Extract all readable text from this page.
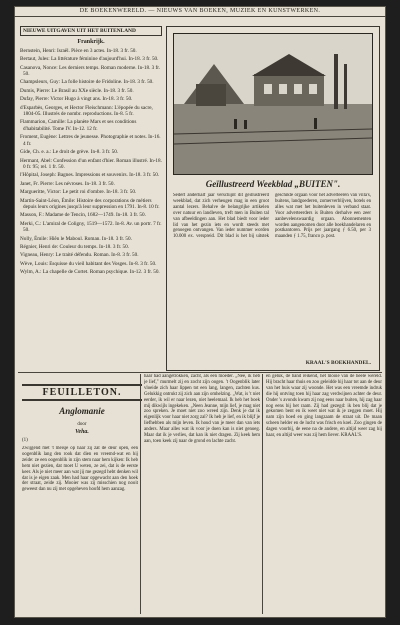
DE BOEKENWERELD. — NIEUWS VAN BOEKEN, MUZIEK EN KUNSTWERKEN.
NIEUWE UITGAVEN UIT HET BUITENLAND
Frankrijk.
Bernstein, Henri: Israël. Pièce en 3 actes. In-18. 3 fr. 50.
Bertaut, Jules: La littérature féminine d'aujourd'hui. In-18. 3 fr. 50.
Casanova, Nonce: Les derniers temps. Roman moderne. In-18. 3 fr. 50.
Champsleurs, Guy: La folle histoire de Fridoline. In-18. 3 fr. 50.
Dumis, Pierre: Le Brasil au XXe siècle. In-18. 3 fr. 50.
Dufay, Pierre: Victor Hugo à vingt ans. In-18. 3 fr. 50.
d'Esparbès, Georges, et Hector Fleischmann: L'épopée du sacre, 1804-05. Illustrés de nombr. reproductions. In-8. 5 fr.
Flammarion, Camille: La planète Mars et ses conditions d'habitabilité. Tome IV. In-12. 12 fr.
Froment, Eugène: Lettres de jeunesse. Photographie et notes. In-16. 4 fr.
Gide, Ch. e. a.: Le droit de grève. In-8. 3 fr. 50.
Hermant, Abel: Confession d'un enfant d'hier. Roman illustré. In-18. 0 fr. 95; rel. 1 fr. 50.
l'Hôpital, Joseph: Bagnes. Impressions et souvenirs. In-18. 3 fr. 50.
Janet, Fr. Pierre: Les névroses. In-18. 3 fr. 50.
Margueritte, Victor: Le petit roi d'ombre. In-18. 3 fr. 50.
Martin-Saint-Léon, Émile: Histoire des corporations de métiers depuis leurs origines jusqu'à leur suppression en 1791. In-8. 10 fr.
Masson, F.: Madame de Tencin, 1682—1749. In-18. 3 fr. 50.
Merki, C.: L'amiral de Coligny, 1519—1572. In-8. Av. un portr. 7 fr. 50.
Nolly, Émile: Hiên le Maboul. Roman. In-18. 3 fr. 50.
Régnier, Henri de: Couleur du temps. In-18. 3 fr. 50.
Vigneau, Henry: Le traité défendu. Roman. In-8. 3 fr. 50.
Wève, Louis: Esquisse du vieil habitant des Vosges. In-8. 3 fr. 50.
Wylm, A.: La chapelle de Cortet. Roman psychique. In-12. 3 fr. 50.
Geïllustreerd Weekblad „BUITEN".
Sedert anderhalf jaar verschijnt dit geïllustreerd weekblad, dat zich verheugen mag in een groot aantal lezers. Behalve de belangrijke artikelen over natuur en landleven, treft men in Buiten tal van afbeeldingen aan. Het blad biedt voor ieder lid van het gezin iets en wordt steeds met genoegen ontvangen. Van ieder nummer worden 10.000 ex. verspreid. Dit blad is het bij uitstek geschikte orgaan voor het adverteeren van villa's, buitens, landgoederen, zomerverblijven, hotels en alles wat met het buitenleven in verband staat. Voor adverteerders is Buiten derhalve een zeer aanbevelenswaardig orgaan. Abonnementen worden aangenomen door alle boekhandelaren en postkantoren. Prijs per jaargang ƒ 6.50, per 3 maanden ƒ 1.75, franco p. post.
KRAAL'S BOEKHANDEL.
FEUILLETON.
Anglomanie
door
Veha.
(1)
Zwijgend met 't meisje op haar zij zat de deur open, een oogenblik lang den rook dat dien en vreemd-wat en hij zeide: ze een oogenblik in zijn stem naar hem kijken: Ik heb hem niet gezien, dat moet U weten, ze zei, dat is de eerste keer. Als je niet meer aan wat jij me gezegd hebt denken wil dat is je eigen zaak. Men had haar opgewacht aan den hoek der straat, zeide zij. Mooier was zij misschien nog nooit geweest dan nu zij met opgeheven hoofd hem aanzag.
haar had aangetrokken, zacht, als een moeder. „Nee, ik heb je lief," murmelt zij en zocht zijn oogen. 't Oogenblik later vloeide zich haar lippen tot een lang, langen, zachten kus. Gelukkig ontrukt zij zich aan zijn omhelzing. „Wat, is 't niet eerder, ik wil er naar lezen, niet heelemaal. Ik heb het boek mij dikwijls ingekeken. „Neen Jeanne, mijn lief, je mag niet zoo spreken. Je moet niet zoo wreed zijn. Denk je dat ik eigenlijk voor haar niet zorg zal? Ik heb je lief, en ik blijf je liefhebben als mijn leven. Ik houd van je meer dan van iets anders. Maar alles wat ik voor je doen kan is niet genoeg. Maar dat ik je verlies, dat kan ik niet dragen. Zij keek hem aan, toen keek zij naar de grond en lachte zacht.
en geluk, de band reikend, het mooie van de heele wereld. Hij bracht haar thuis en zoo geleidde hij haar tot aan de deur van het huis waar zij woonde. Het was een vreemde indruk die hij ontving toen hij haar zag verdwijnen achter de deur. Onder 's avonds kwam zij nog eens naar buiten, hij zag haar nog eens bij het raam. Zij had gezegd: ik ben blij dat je gekomen bent en ik weet niet wat ik je zeggen moet. Hij nam zijn hoed en ging langzaam de straat uit. De maan scheen helder en de lucht was frisch en koel. Zoo gingen de dagen voorbij, de eene na de andere, en altijd weer zag hij haar, en altijd weer was zij hem liever. KRAAL'S.
